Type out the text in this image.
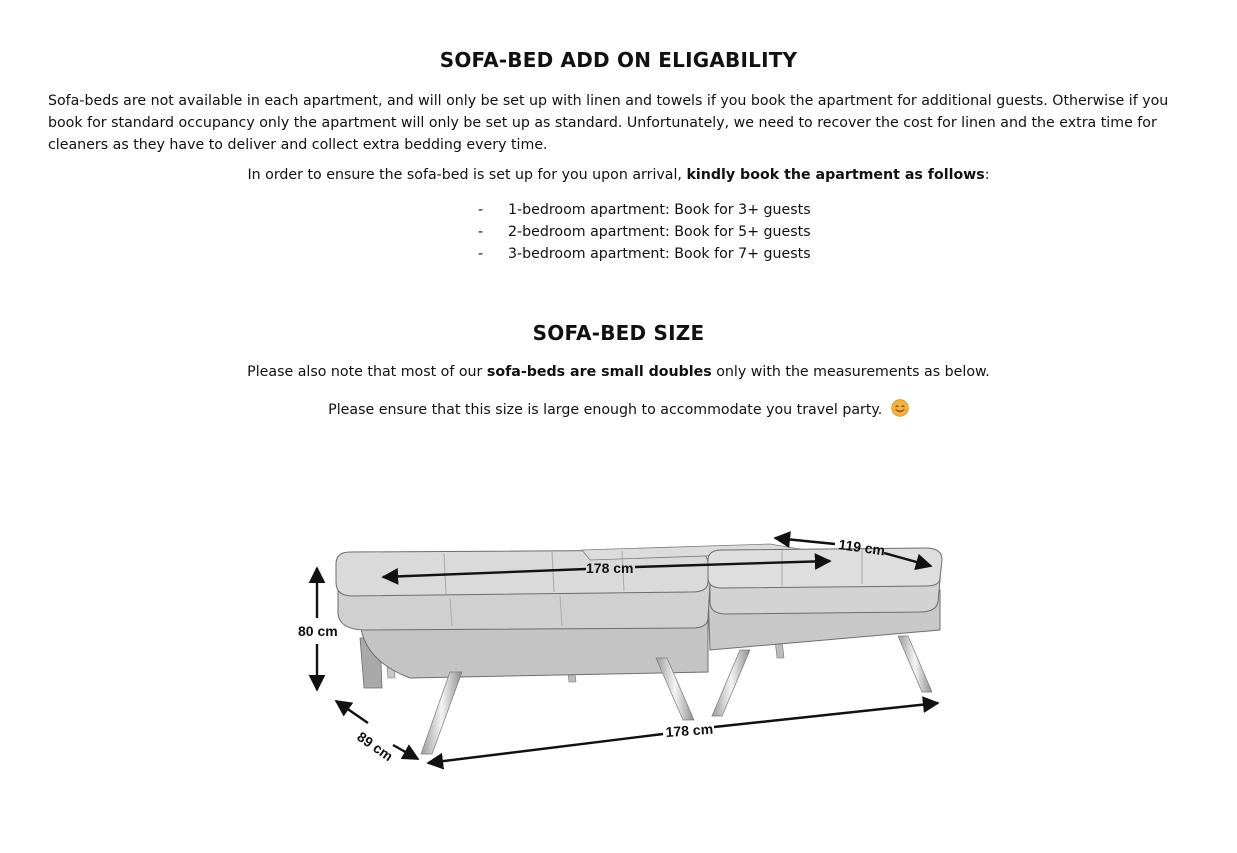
SOFA-BED ADD ON ELIGABILITY

Sofa-beds are not available in each apartment, and will only be set up with linen and towels if you book the apartment for additional guests. Otherwise if you book for standard occupancy only the apartment will only be set up as standard. Unfortunately, we need to recover the cost for linen and the extra time for cleaners as they have to deliver and collect extra bedding every time.

In order to ensure the sofa-bed is set up for you upon arrival, kindly book the apartment as follows:

-	1-bedroom apartment: Book for 3+ guests
-	2-bedroom apartment: Book for 5+ guests
-	3-bedroom apartment: Book for 7+ guests
SOFA-BED SIZE

Please also note that most of our sofa-beds are small doubles only with the measurements as below.

Please ensure that this size is large enough to accommodate you travel party.

178 cm
119 cm
80 cm
89 cm	178 cm
